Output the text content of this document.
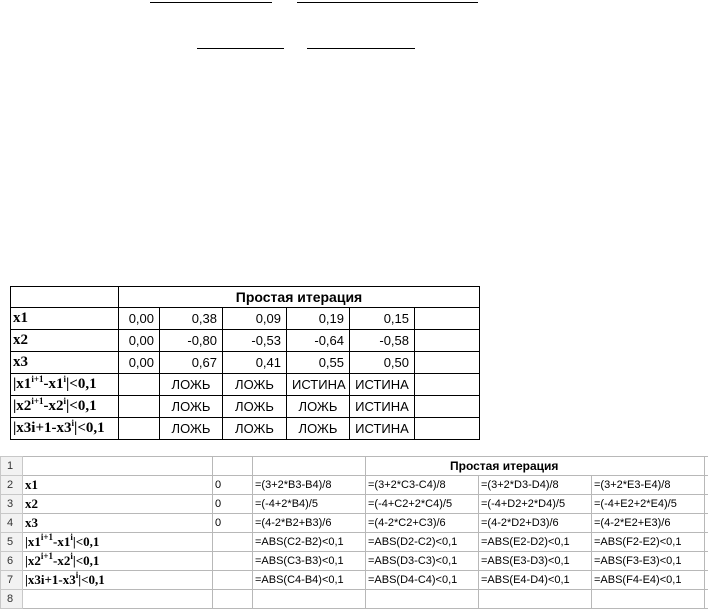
	Простая итерация					
x1	0,00	0,38	0,09	0,19	0,15	
x2	0,00	-0,80	-0,53	-0,64	-0,58	
x3	0,00	0,67	0,41	0,55	0,50	
$|x1^{i+1}-x1^i|<0,1$		ЛОЖЬ	ЛОЖЬ	ИСТИНА	ИСТИНА	
$|x2^{i+1}-x2^i|<0,1$		ЛОЖЬ	ЛОЖЬ	ЛОЖЬ	ИСТИНА	
$|x3i+1-x3^i|<0,1$		ЛОЖЬ	ЛОЖЬ	ЛОЖЬ	ИСТИНА	
1				Простая итерация			
2	x1	0	=(3+2*B3-B4)/8	=(3+2*C3-C4)/8	=(3+2*D3-D4)/8	=(3+2*E3-E4)/8	
3	x2	0	=(-4+2*B4)/5	=(-4+C2+2*C4)/5	=(-4+D2+2*D4)/5	=(-4+E2+2*E4)/5	
4	x3	0	=(4-2*B2+B3)/6	=(4-2*C2+C3)/6	=(4-2*D2+D3)/6	=(4-2*E2+E3)/6	
5	$|x1^{i+1}-x1^i|<0,1$		=ABS(C2-B2)<0,1	=ABS(D2-C2)<0,1	=ABS(E2-D2)<0,1	=ABS(F2-E2)<0,1	
6	$|x2^{i+1}-x2^i|<0,1$		=ABS(C3-B3)<0,1	=ABS(D3-C3)<0,1	=ABS(E3-D3)<0,1	=ABS(F3-E3)<0,1	
7	$|x3i+1-x3^i|<0,1$		=ABS(C4-B4)<0,1	=ABS(D4-C4)<0,1	=ABS(E4-D4)<0,1	=ABS(F4-E4)<0,1	
8							
